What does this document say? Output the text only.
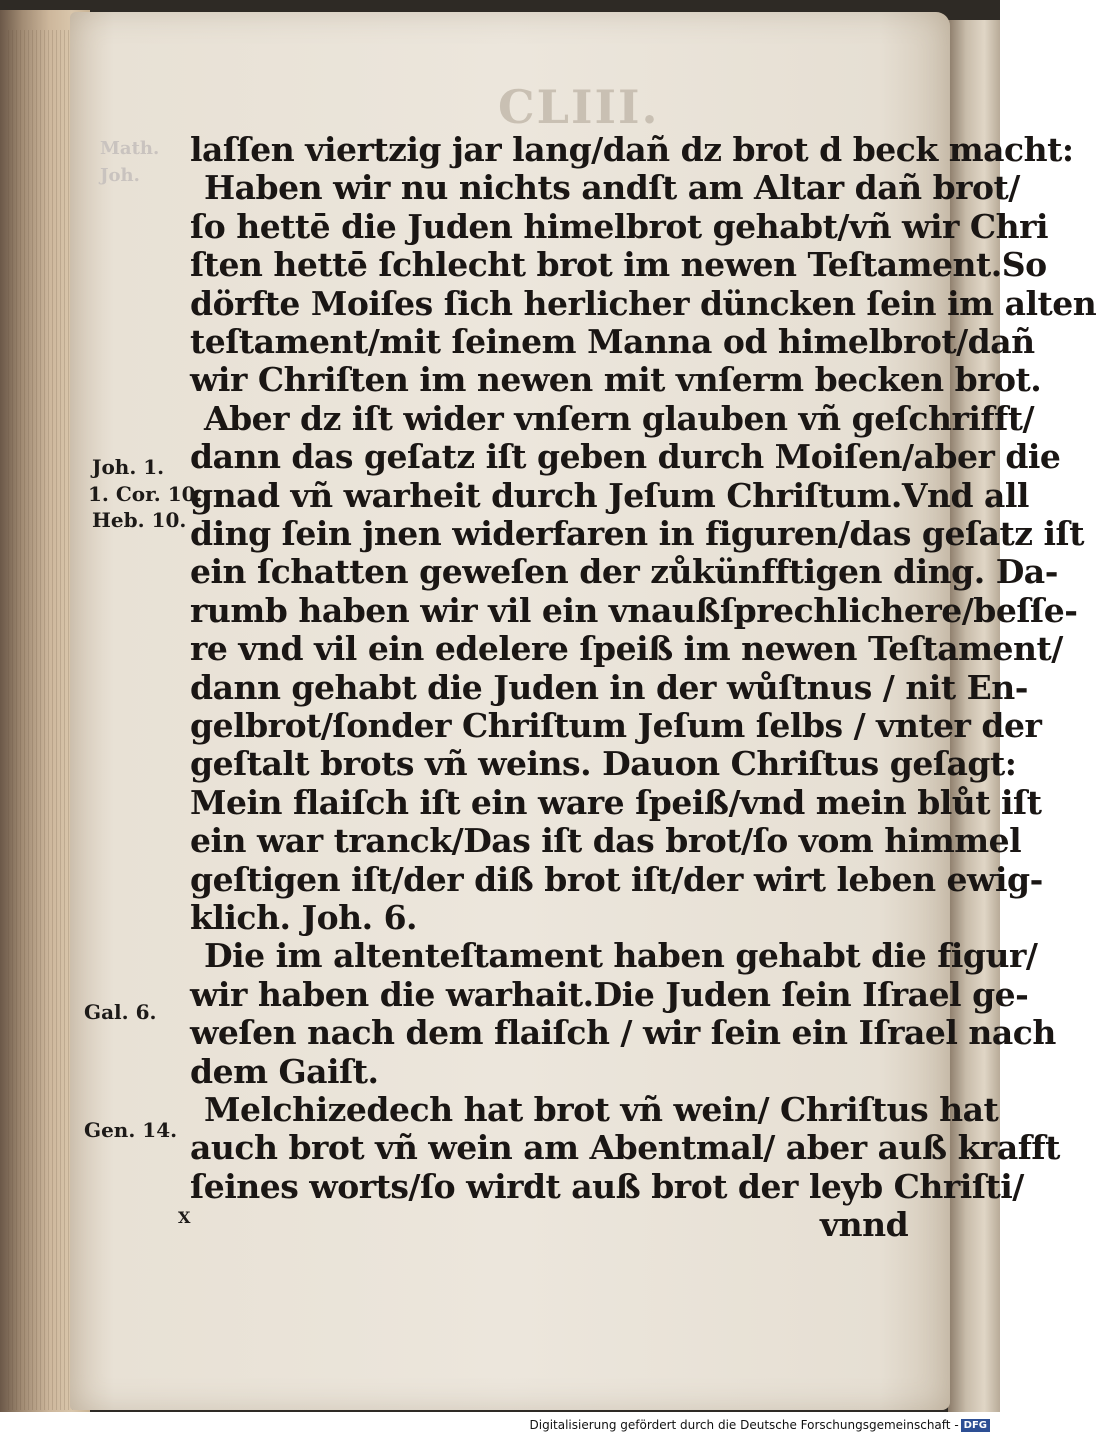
CLIII.
Math.
Joh.
laſſen viertzig jar lang/dañ dz brot d beck macht:
Haben wir nu nichts andſt am Altar dañ brot/
ſo hettē die Juden himelbrot gehabt/vñ wir Chri
ſten hettē ſchlecht brot im newen Teſtament.So
dörfte Moiſes ſich herlicher düncken ſein im alten
teſtament/mit ſeinem Manna od himelbrot/dañ
wir Chriſten im newen mit vnſerm becken brot.
Aber dz iſt wider vnſern glauben vñ geſchrifft/
dann das geſatz iſt geben durch Moiſen/aber die
gnad vñ warheit durch Jeſum Chriſtum.Vnd all
ding ſein jnen widerfaren in figuren/das geſatz iſt
ein ſchatten geweſen der zůkünfftigen ding. Da-
rumb haben wir vil ein vnaußſprechlichere/beſſe-
re vnd vil ein edelere ſpeiß im newen Teſtament/
dann gehabt die Juden in der wůſtnus / nit En-
gelbrot/ſonder Chriſtum Jeſum ſelbs / vnter der
geſtalt brots vñ weins. Dauon Chriſtus geſagt:
Mein flaiſch iſt ein ware ſpeiß/vnd mein blůt iſt
ein war tranck/Das iſt das brot/ſo vom himmel
geſtigen iſt/der diß brot iſt/der wirt leben ewig-
klich. Joh. 6.
Die im altenteſtament haben gehabt die figur/
wir haben die warhait.Die Juden ſein Iſrael ge-
weſen nach dem flaiſch / wir ſein ein Iſrael nach
dem Gaiſt.
Melchizedech hat brot vñ wein/ Chriſtus hat
auch brot vñ wein am Abentmal/ aber auß krafft
ſeines worts/ſo wirdt auß brot der leyb Chriſti/
vnnd
Joh. 1.
1. Cor. 10.
Heb. 10.
Gal. 6.
Gen. 14.
X
Digitalisierung gefördert durch die Deutsche Forschungsgemeinschaft - DFG
